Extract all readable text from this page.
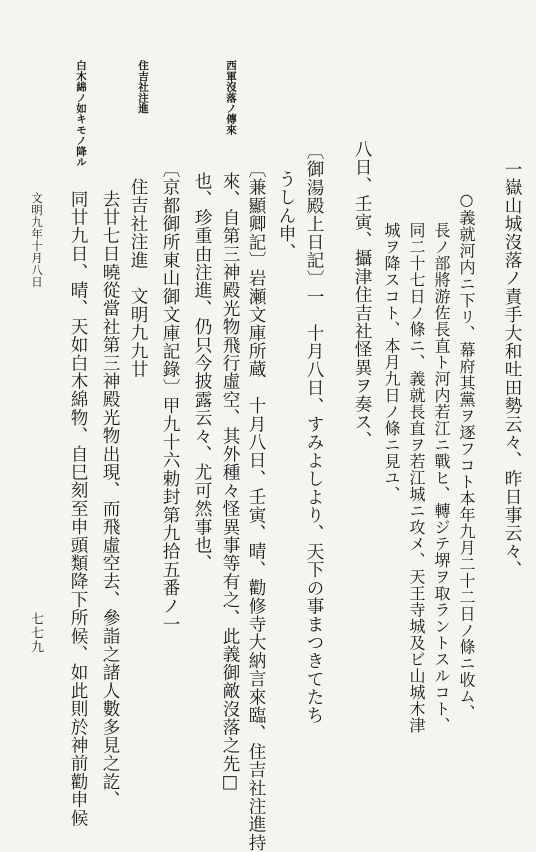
西軍沒落ノ傳來
住吉社注進
白木綿ノ如キモノ降ル
一嶽山城沒落ノ責手大和吐田勢云々、昨日事云々、
○義就河内ニ下リ、幕府其黨ヲ逐フコト本年九月二十二日ノ條ニ收ム、
長ノ部將游佐長直ト河内若江ニ戰ヒ、轉ジテ堺ヲ取ラントスルコト、
同二十七日ノ條ニ、義就長直ヲ若江城ニ攻メ、天王寺城及ビ山城木津
城ヲ降スコト、本月九日ノ條ニ見ユ、
八日、壬寅、攝津住吉社怪異ヲ奏ス、
〔御湯殿上日記〕一　十月八日、すみよしより、天下の事まつきてたち
うしん申、
〔兼顯卿記〕岩瀬文庫所蔵　十月八日、壬寅、晴、勸修寺大納言來臨、住吉社注進持
來、自第三神殿光物飛行虛空、其外種々怪異事等有之、此義御敵沒落之先□
也、珍重由注進、仍只今披露云々、尤可然事也、
〔京都御所東山御文庫記錄〕甲九十六勅封第九拾五番ノ一
住吉社注進　文明九九廿
去廿七日曉從當社第三神殿光物出現、而飛虛空去、參詣之諸人數多見之訖、
同廿九日、晴、天如白木綿物、自巳刻至申頭類降下所候、如此則於神前勸申候
文明九年十月八日
七七九
